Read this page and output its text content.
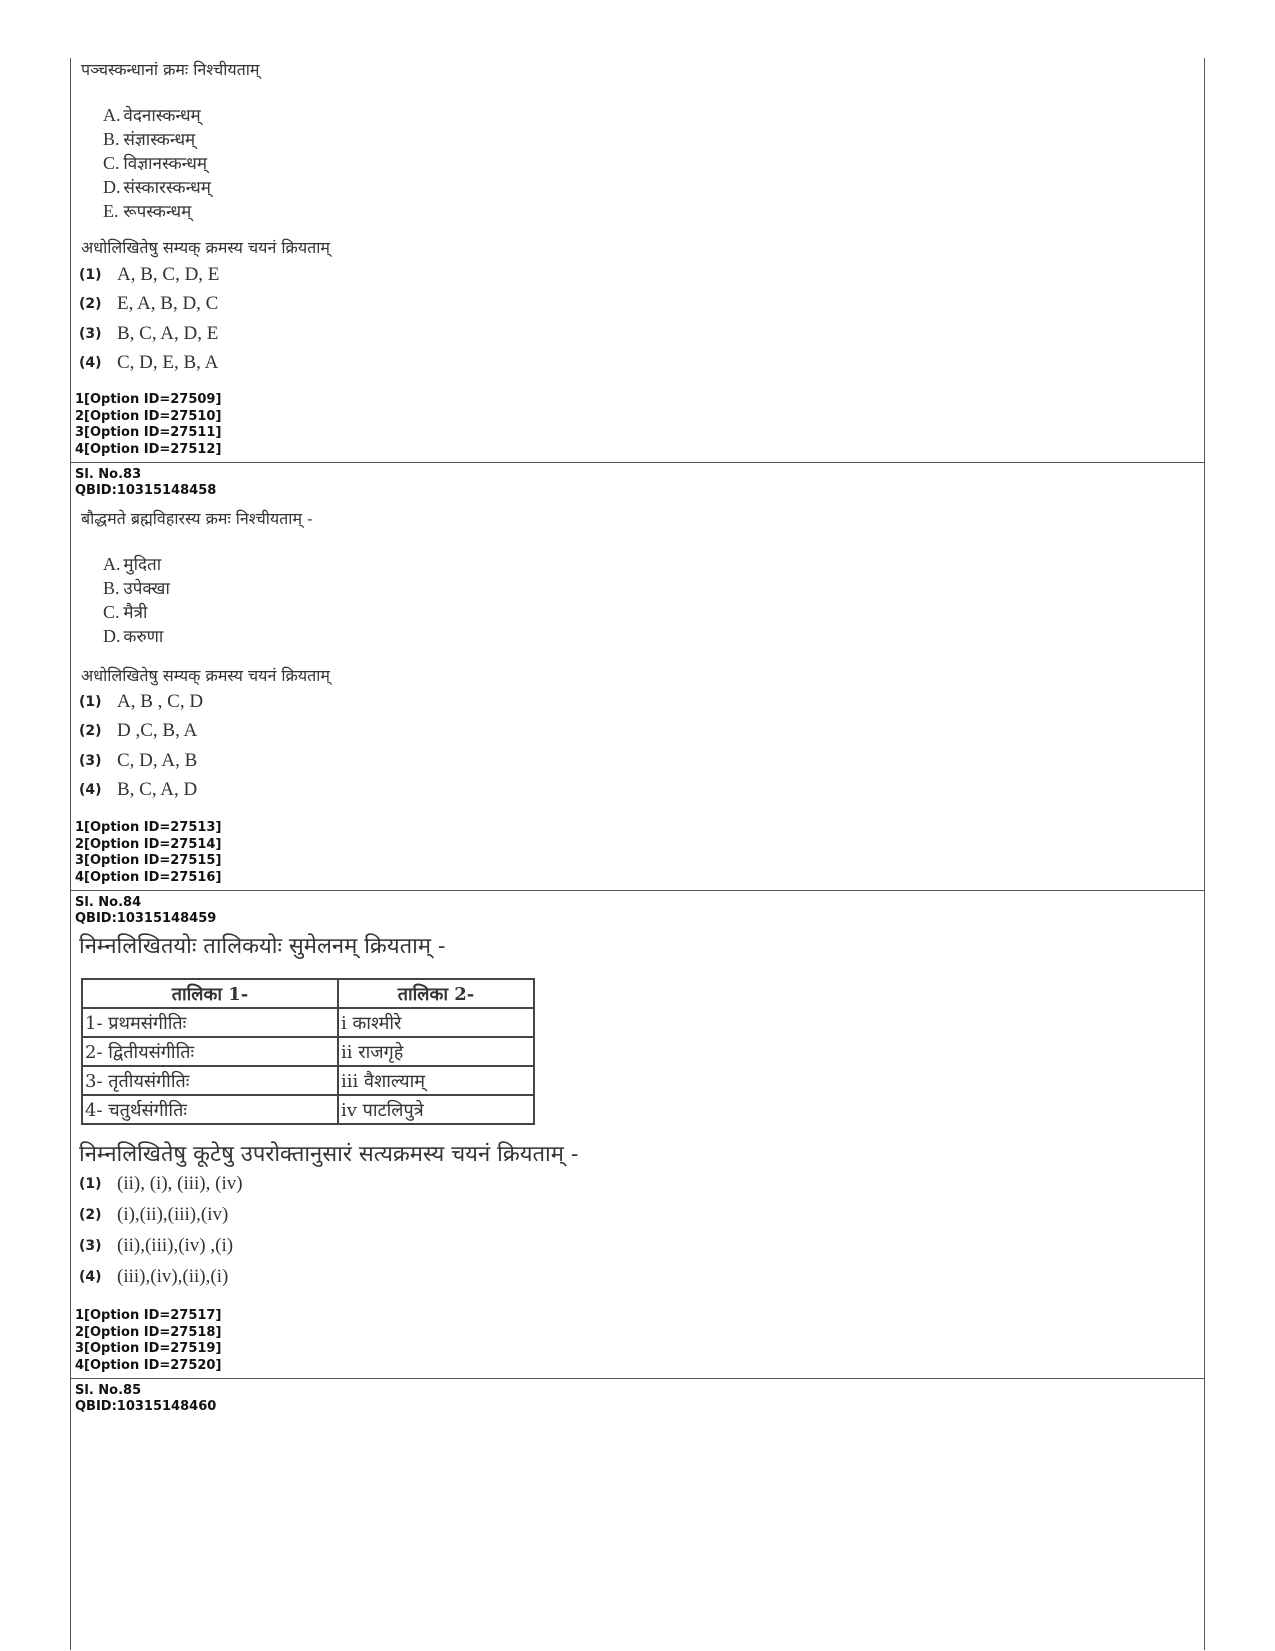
पञ्चस्कन्धानां क्रमः निश्चीयताम्
A. वेदनास्कन्धम्
B. संज्ञास्कन्धम्
C. विज्ञानस्कन्धम्
D. संस्कारस्कन्धम्
E. रूपस्कन्धम्
अधोलिखितेषु सम्यक् क्रमस्य चयनं क्रियताम्
(1) A, B, C, D, E
(2) E, A, B, D, C
(3) B, C, A, D, E
(4) C, D, E, B, A
1[Option ID=27509]
2[Option ID=27510]
3[Option ID=27511]
4[Option ID=27512]
Sl. No.83
QBID:10315148458
बौद्धमते ब्रह्मविहारस्य क्रमः निश्चीयताम् -
A. मुदिता
B. उपेक्खा
C. मैत्री
D. करुणा
अधोलिखितेषु सम्यक् क्रमस्य चयनं क्रियताम्
(1) A, B , C, D
(2) D ,C, B, A
(3) C, D, A, B
(4) B, C, A, D
1[Option ID=27513]
2[Option ID=27514]
3[Option ID=27515]
4[Option ID=27516]
Sl. No.84
QBID:10315148459
निम्नलिखितयोः तालिकयोः सुमेलनम् क्रियताम् -
तालिका 1-	तालिका 2-
1- प्रथमसंगीतिः	i काश्मीरे
2- द्वितीयसंगीतिः	ii राजगृहे
3- तृतीयसंगीतिः	iii वैशाल्याम्
4- चतुर्थसंगीतिः	iv पाटलिपुत्रे
निम्नलिखितेषु कूटेषु उपरोक्तानुसारं सत्यक्रमस्य चयनं क्रियताम् -
(1) (ii), (i), (iii), (iv)
(2) (i),(ii),(iii),(iv)
(3) (ii),(iii),(iv) ,(i)
(4) (iii),(iv),(ii),(i)
1[Option ID=27517]
2[Option ID=27518]
3[Option ID=27519]
4[Option ID=27520]
Sl. No.85
QBID:10315148460
